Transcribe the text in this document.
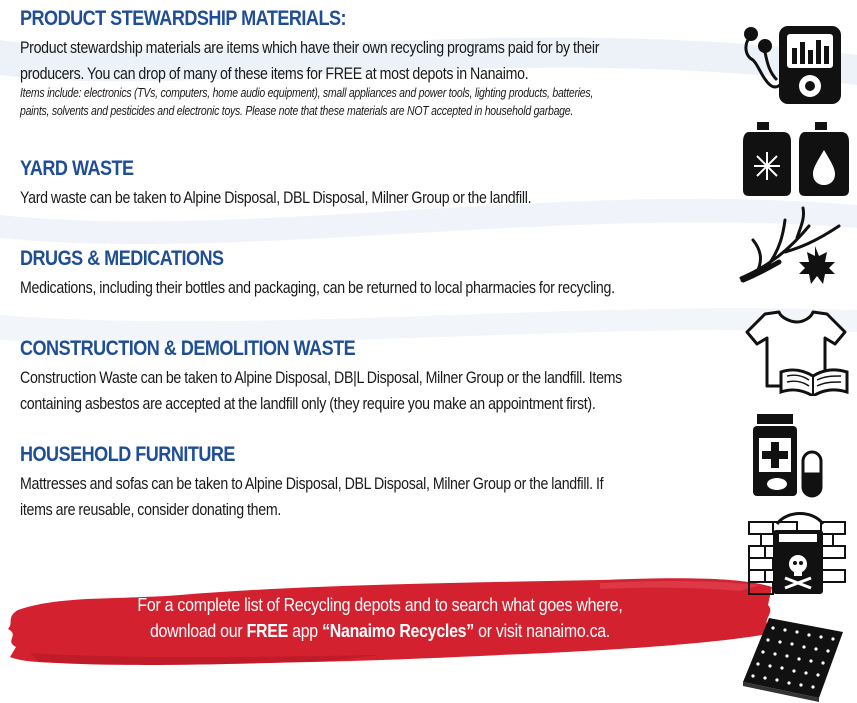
PRODUCT STEWARDSHIP MATERIALS:
Product stewardship materials are items which have their own recycling programs paid for by their
producers. You can drop of many of these items for FREE at most depots in Nanaimo.
Items include: electronics (TVs, computers, home audio equipment), small appliances and power tools, lighting products, batteries,
paints, solvents and pesticides and electronic toys. Please note that these materials are NOT accepted in household garbage.
YARD WASTE
Yard waste can be taken to Alpine Disposal, DBL Disposal, Milner Group or the landfill.
DRUGS & MEDICATIONS
Medications, including their bottles and packaging, can be returned to local pharmacies for recycling.
CONSTRUCTION & DEMOLITION WASTE
Construction Waste can be taken to Alpine Disposal, DB|L Disposal, Milner Group or the landfill. Items
containing asbestos are accepted at the landfill only (they require you make an appointment first).
HOUSEHOLD FURNITURE
Mattresses and sofas can be taken to Alpine Disposal, DBL Disposal, Milner Group or the landfill. If
items are reusable, consider donating them.
For a complete list of Recycling depots and to search what goes where,
download our FREE app “Nanaimo Recycles” or visit nanaimo.ca.
